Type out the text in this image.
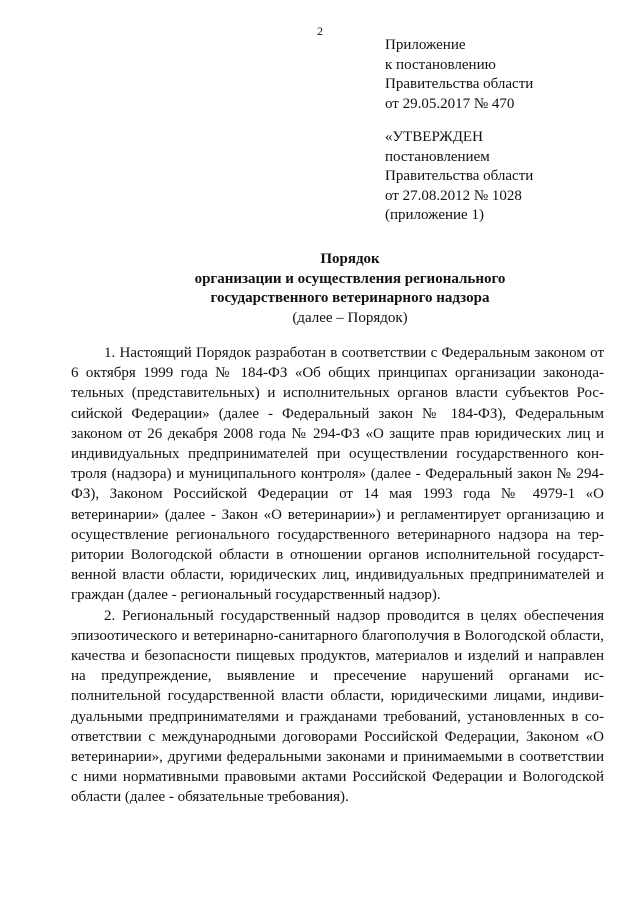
2
Приложение
к постановлению
Правительства области
от 29.05.2017 № 470
«УТВЕРЖДЕН
постановлением
Правительства области
от 27.08.2012 № 1028
(приложение 1)
Порядок
организации и осуществления регионального
государственного ветеринарного надзора
(далее – Порядок)

1. Настоящий Порядок разработан в соответствии с Федеральным законом от 6 октября 1999 года № 184-ФЗ «Об общих принципах организации законодательных (представительных) и исполнительных органов власти субъектов Российской Федерации» (далее - Федеральный закон № 184-ФЗ), Федеральным законом от 26 декабря 2008 года № 294-ФЗ «О защите прав юридических лиц и индивидуальных предпринимателей при осуществлении государственного контроля (надзора) и муниципального контроля» (далее - Федеральный закон № 294-ФЗ), Законом Российской Федерации от 14 мая 1993 года № 4979-1 «О ветеринарии» (далее - Закон «О ветеринарии») и регламентирует организацию и осуществление регионального государственного ветеринарного надзора на территории Вологодской области в отношении органов исполнительной государственной власти области, юридических лиц, индивидуальных предпринимателей и граждан (далее - региональный государственный надзор).

2. Региональный государственный надзор проводится в целях обеспечения эпизоотического и ветеринарно-санитарного благополучия в Вологодской области, качества и безопасности пищевых продуктов, материалов и изделий и направлен на предупреждение, выявление и пресечение нарушений органами исполнительной государственной власти области, юридическими лицами, индивидуальными предпринимателями и гражданами требований, установленных в соответствии с международными договорами Российской Федерации, Законом «О ветеринарии», другими федеральными законами и принимаемыми в соответствии с ними нормативными правовыми актами Российской Федерации и Вологодской области (далее - обязательные требования).
